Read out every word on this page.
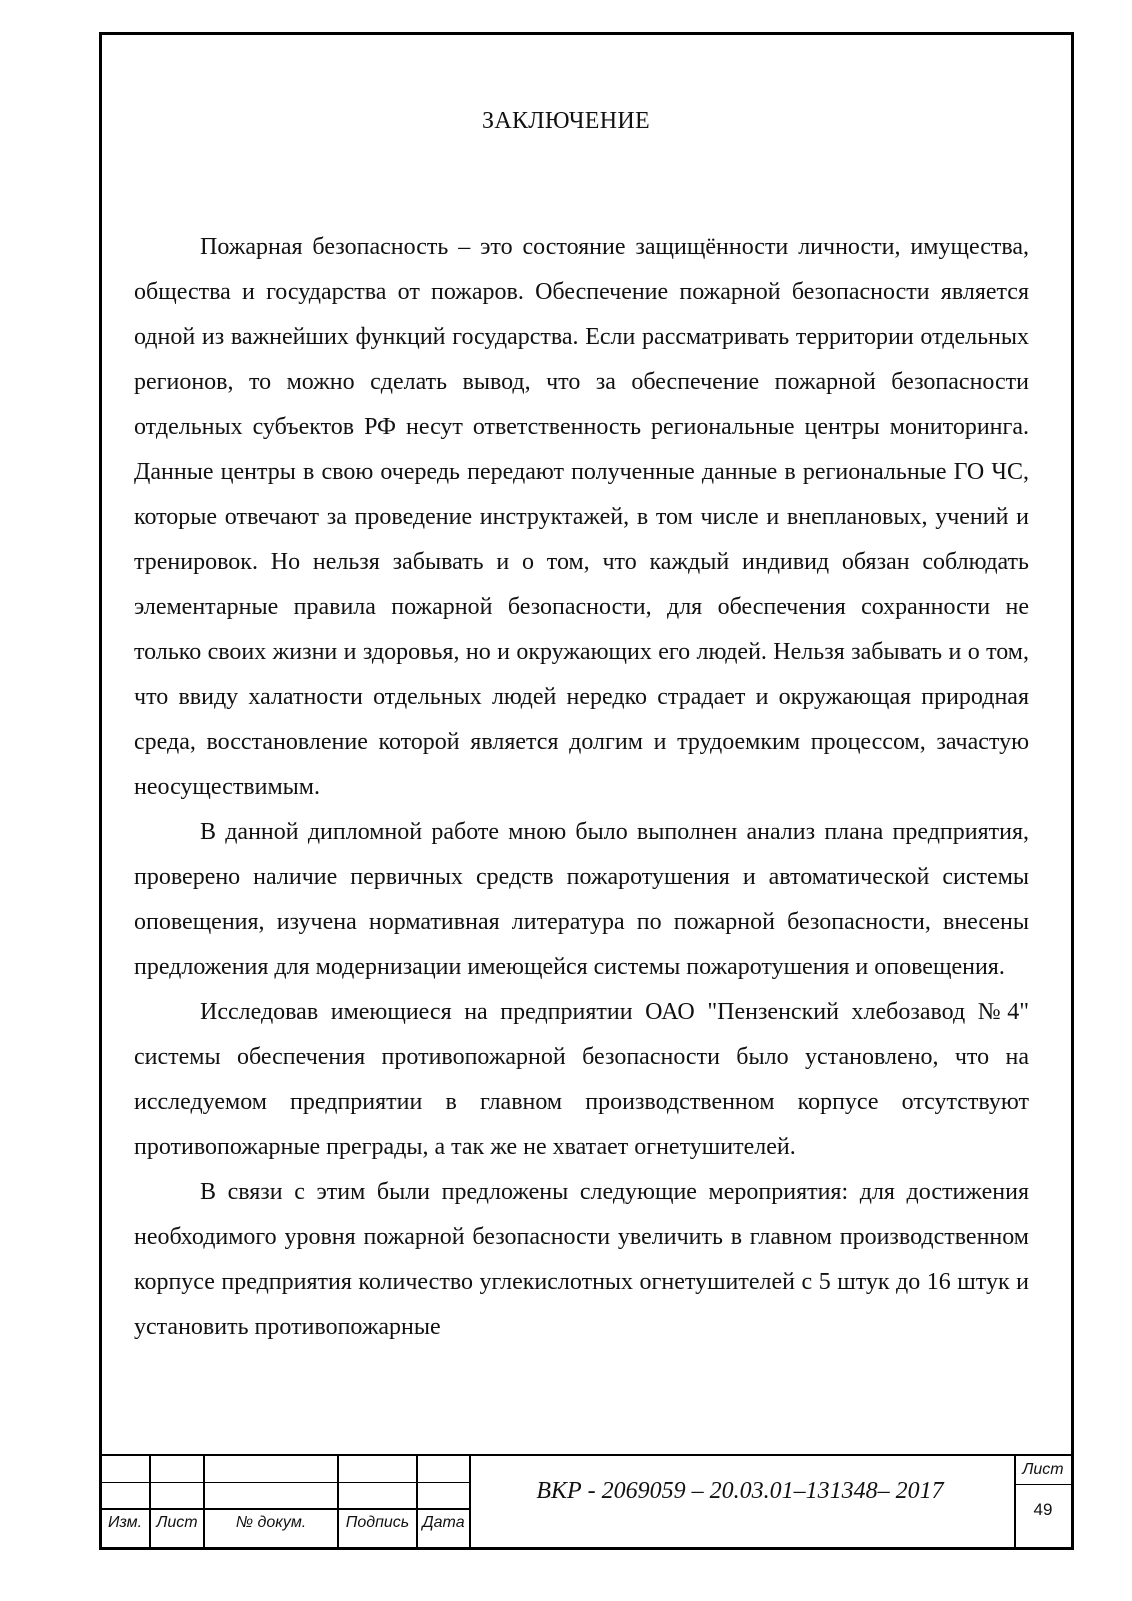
ЗАКЛЮЧЕНИЕ

Пожарная безопасность – это состояние защищённости личности, имущества, общества и государства от пожаров. Обеспечение пожарной безопасности является одной из важнейших функций государства. Если рассматривать территории отдельных регионов, то можно сделать вывод, что за обеспечение пожарной безопасности отдельных субъектов РФ несут ответственность региональные центры мониторинга. Данные центры в свою очередь передают полученные данные в региональные ГО ЧС, которые отвечают за проведение инструктажей, в том числе и внеплановых, учений и тренировок. Но нельзя забывать и о том, что каждый индивид обязан соблюдать элементарные правила пожарной безопасности, для обеспечения сохранности не только своих жизни и здоровья, но и окружающих его людей. Нельзя забывать и о том, что ввиду халатности отдельных людей нередко страдает и окружающая природная среда, восстановление которой является долгим и трудоемким процессом, зачастую неосуществимым.

В данной дипломной работе мною было выполнен анализ плана предприятия, проверено наличие первичных средств пожаротушения и автоматической системы оповещения, изучена нормативная литература по пожарной безопасности, внесены предложения для модернизации имеющейся системы пожаротушения и оповещения.

Исследовав имеющиеся на предприятии ОАО "Пензенский хлебозавод №4" системы обеспечения противопожарной безопасности было установлено, что на исследуемом предприятии в главном производственном корпусе отсутствуют противопожарные преграды, а так же не хватает огнетушителей.

В связи с этим были предложены следующие мероприятия: для достижения необходимого уровня пожарной безопасности увеличить в главном производственном корпусе предприятия количество углекислотных огнетушителей с 5 штук до 16 штук и установить противопожарные

Изм. Лист	№ докум.	Подпись Дата
ВКР - 2069059 – 20.03.01–131348– 2017
Лист
49
